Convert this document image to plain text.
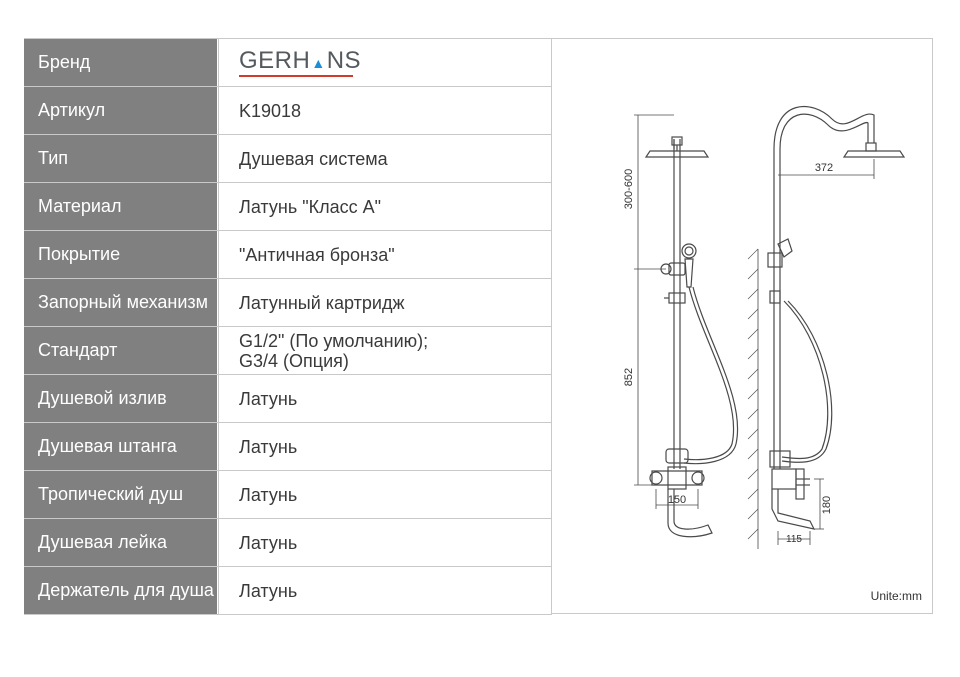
Бренд	GERH ▲ NS
Артикул	K19018
Тип	Душевая система
Материал	Латунь "Класс A"
Покрытие	"Античная бронза"
Запорный механизм	Латунный картридж
Стандарт	G1/2" (По умолчанию);
G3/4 (Опция)
Душевой излив	Латунь
Душевая штанга	Латунь
Тропический душ	Латунь
Душевая лейка	Латунь
Держатель для душа	Латунь
300-600
852
372
150
115
180
Unite:mm
